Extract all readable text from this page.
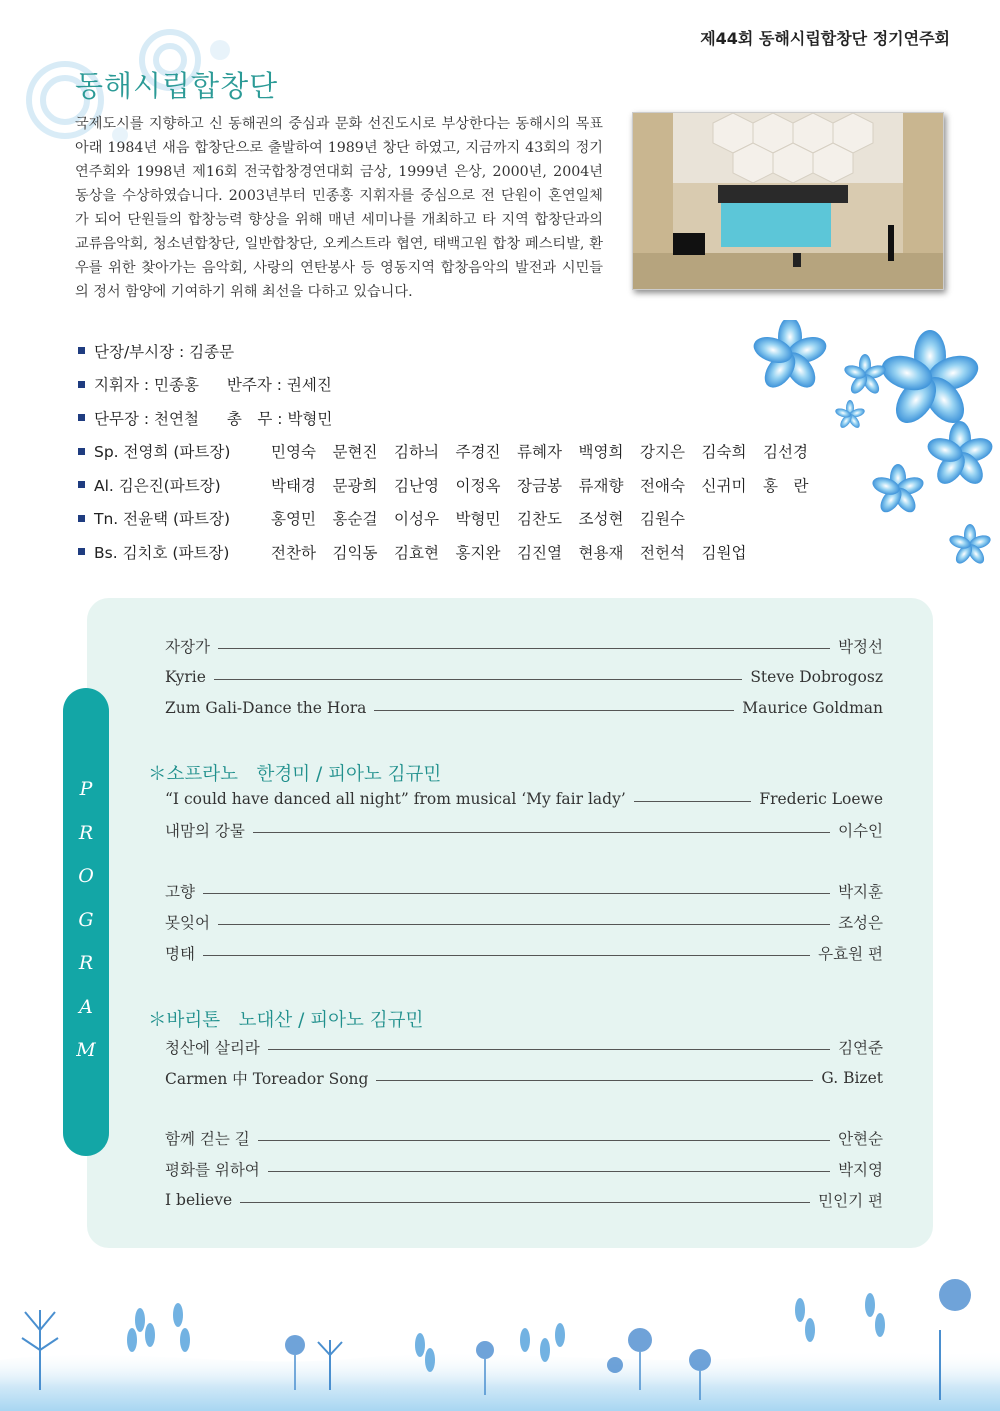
제44회 동해시립합창단 정기연주회
동해시립합창단
국제도시를 지향하고 신 동해권의 중심과 문화 선진도시로 부상한다는 동해시의 목표 아래 1984년 새음 합창단으로 출발하여 1989년 창단 하였고, 지금까지 43회의 정기연주회와 1998년 제16회 전국합창경연대회 금상, 1999년 은상, 2000년, 2004년 동상을 수상하였습니다. 2003년부터 민종홍 지휘자를 중심으로 전 단원이 혼연일체가 되어 단원들의 합창능력 향상을 위해 매년 세미나를 개최하고 타 지역 합창단과의 교류음악회, 청소년합창단, 일반합창단, 오케스트라 협연, 태백고원 합창 페스티발, 환우를 위한 찾아가는 음악회, 사랑의 연탄봉사 등 영동지역 합창음악의 발전과 시민들의 정서 함양에 기여하기 위해 최선을 다하고 있습니다.
단장/부시장 : 김종문
지휘자 : 민종홍 반주자 : 권세진
단무장 : 천연철 총　무 : 박형민
Sp. 전영희 (파트장)	민영숙 문현진 김하늬 주경진 류혜자 백영희 강지은 김숙희 김선경
Al. 김은진(파트장)	박태경 문광희 김난영 이정옥 장금봉 류재향 전애숙 신귀미 홍　란
Tn. 전윤택 (파트장)	홍영민 홍순걸 이성우 박형민 김찬도 조성현 김원수
Bs. 김치호 (파트장)	전찬하 김익동 김효현 홍지완 김진열 현용재 전헌석 김원업
P
R
O
G
R
A
M
자장가	박정선
Kyrie	Steve Dobrogosz
Zum Gali-Dance the Hora	Maurice Goldman
“I could have danced all night” from musical ‘My fair lady’	Frederic Loewe
내맘의 강물	이수인
고향	박지훈
못잊어	조성은
명태	우효원 편
청산에 살리라	김연준
Carmen 中 Toreador Song	G. Bizet
함께 걷는 길	안현순
평화를 위하여	박지영
I believe	민인기 편
＊소프라노　한경미 / 피아노 김규민
＊바리톤　노대산 / 피아노 김규민
